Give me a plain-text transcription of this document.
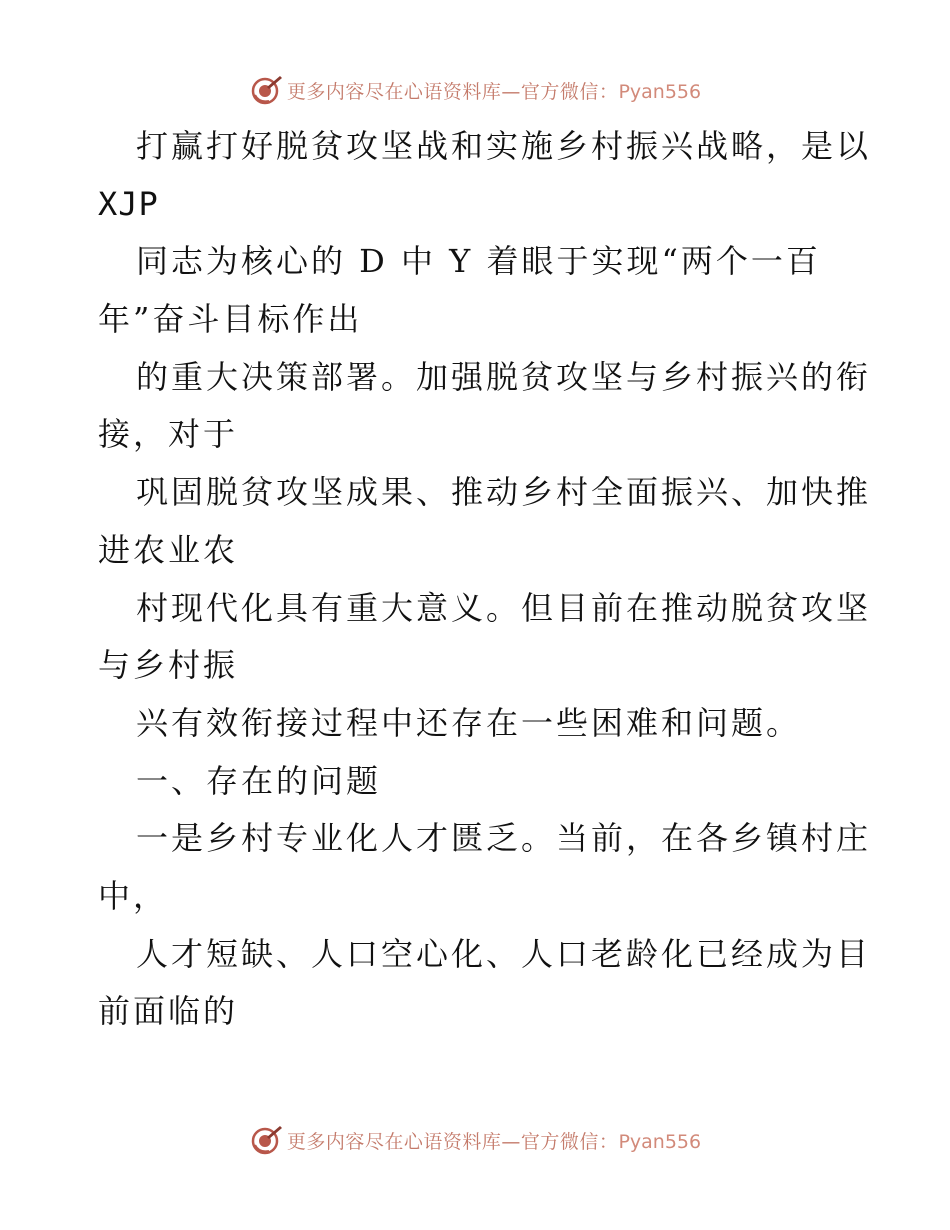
更多内容尽在心语资料库—官方微信：Pyan556
打赢打好脱贫攻坚战和实施乡村振兴战略，是以
XJP
同志为核心的 D 中 Y 着眼于实现“两个一百
年”奋斗目标作出
的重大决策部署。加强脱贫攻坚与乡村振兴的衔
接，对于
巩固脱贫攻坚成果、推动乡村全面振兴、加快推
进农业农
村现代化具有重大意义。但目前在推动脱贫攻坚
与乡村振
兴有效衔接过程中还存在一些困难和问题。
一、存在的问题
一是乡村专业化人才匮乏。当前，在各乡镇村庄
中，
人才短缺、人口空心化、人口老龄化已经成为目
前面临的
更多内容尽在心语资料库—官方微信：Pyan556
